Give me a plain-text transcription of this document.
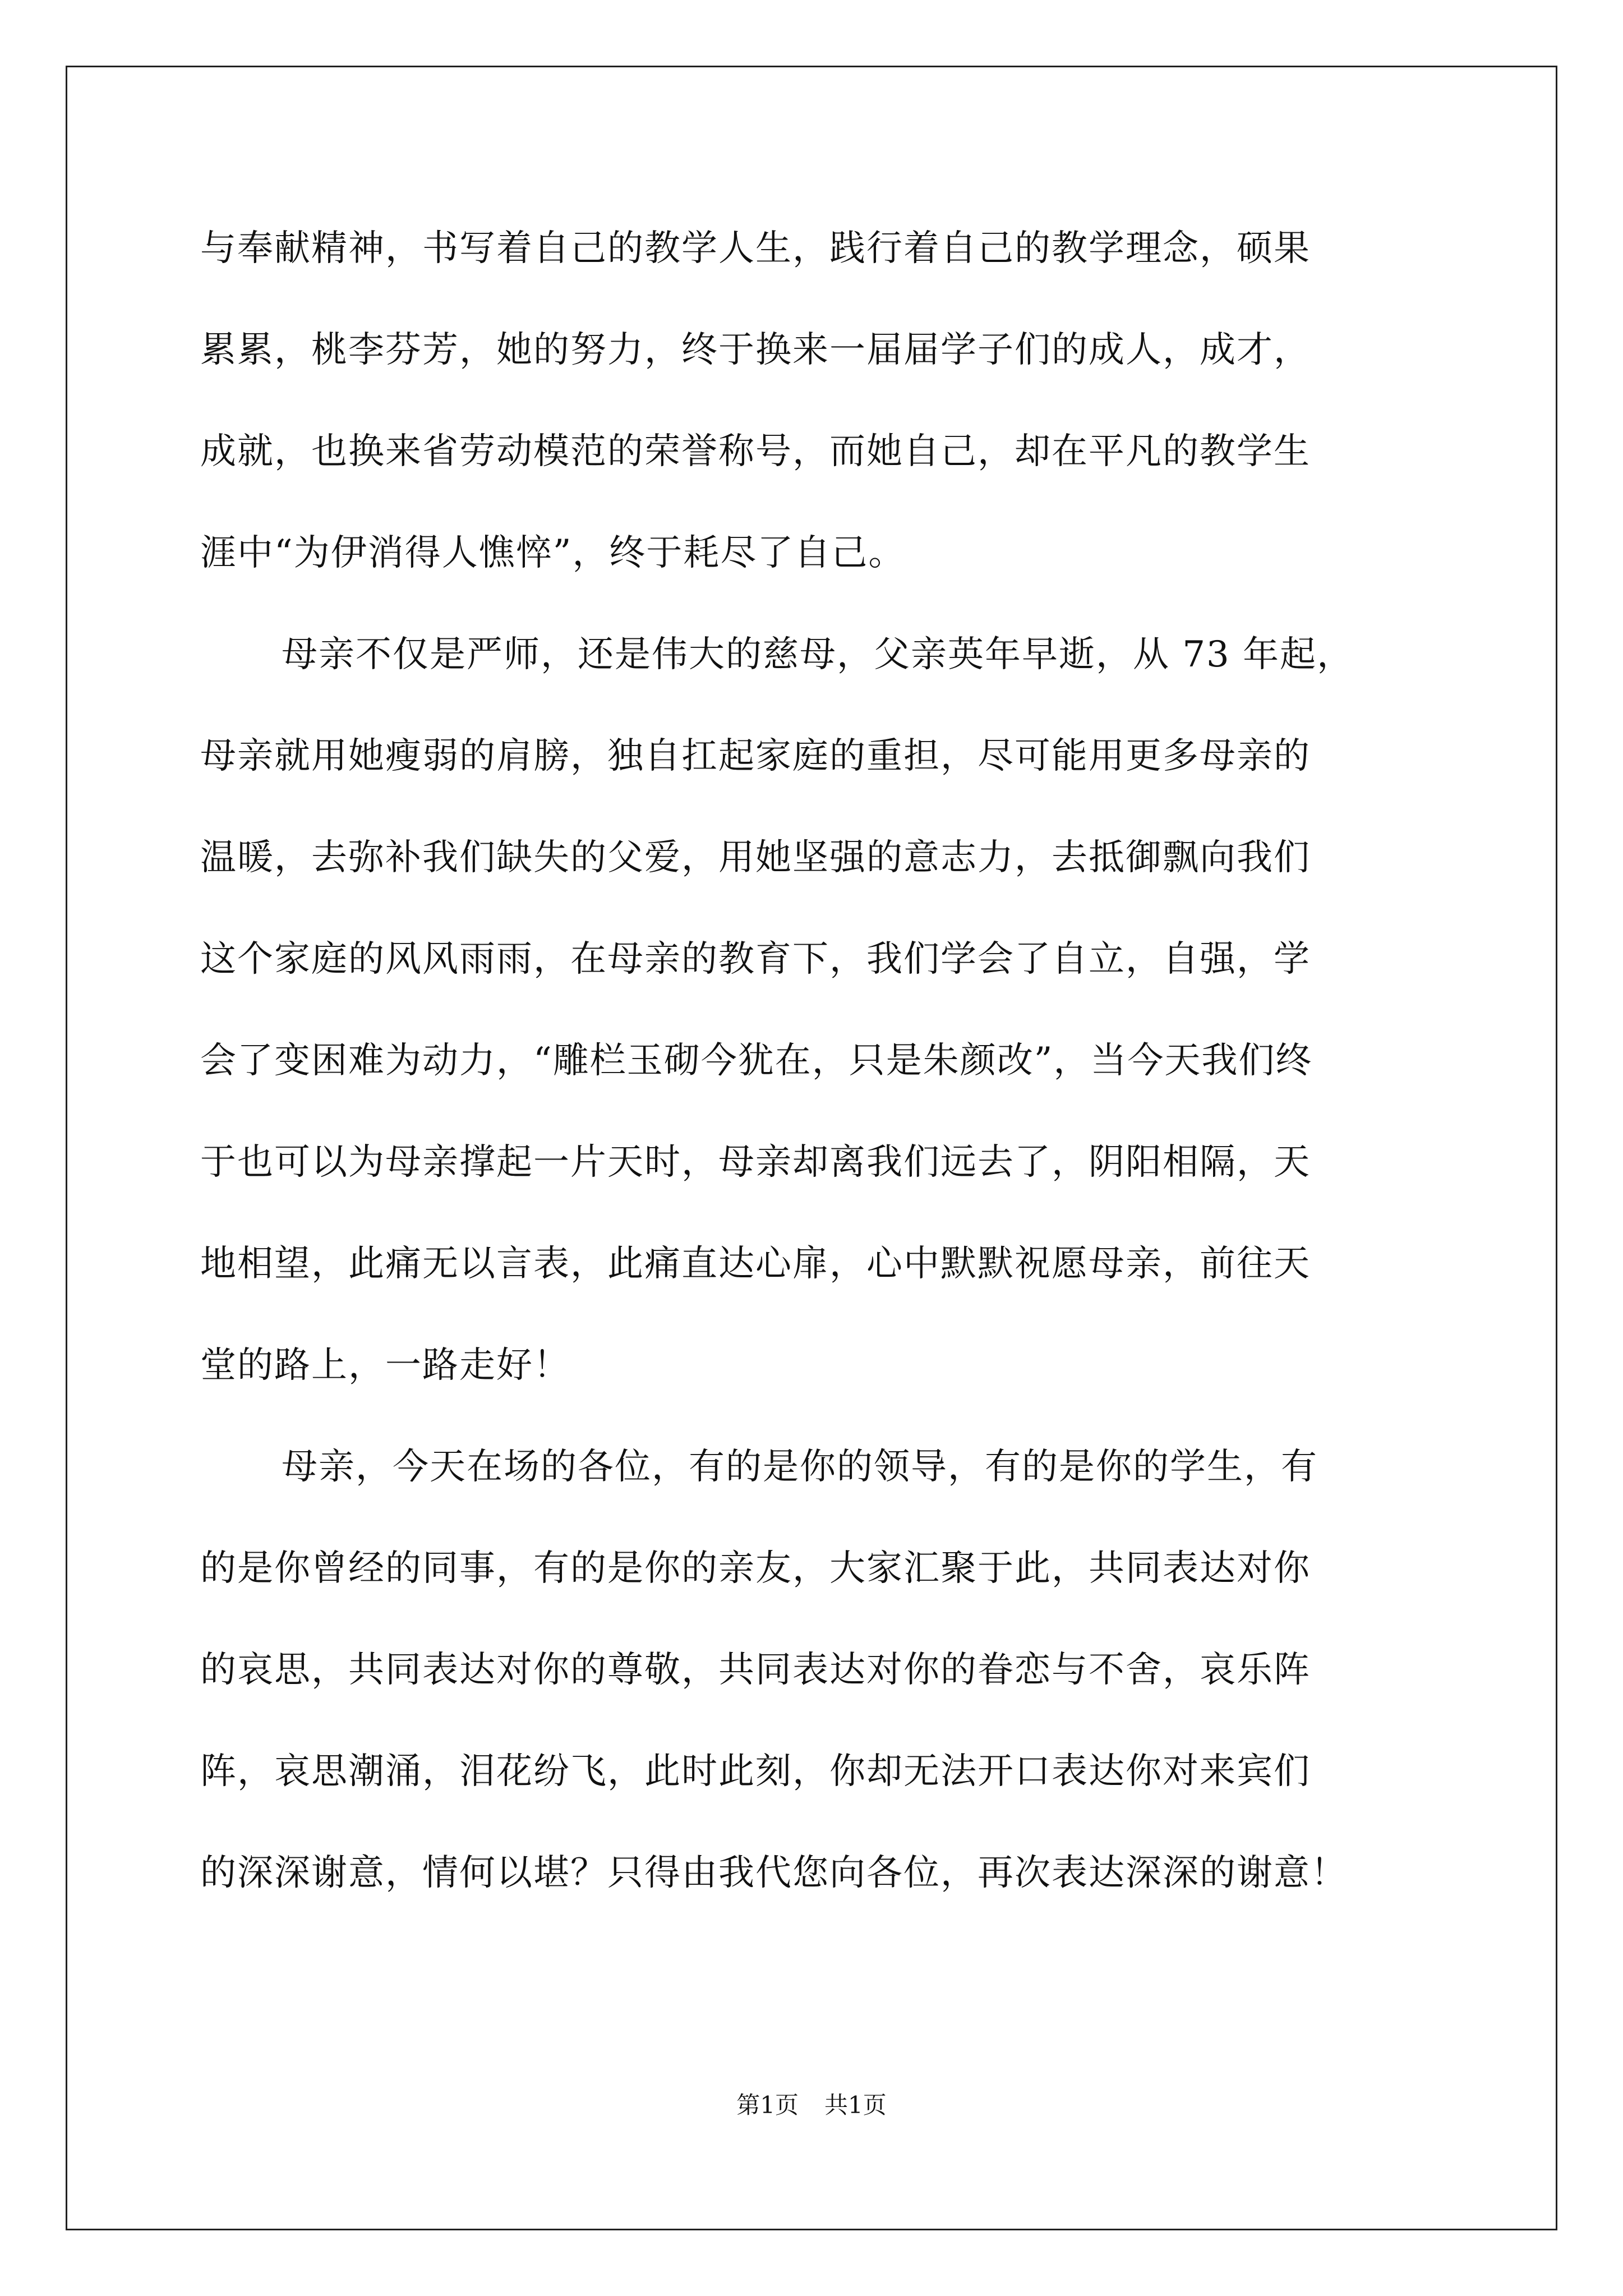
与奉献精神，书写着自己的教学人生，践行着自己的教学理念，硕果
累累，桃李芬芳，她的努力，终于换来一届届学子们的成人，成才，
成就，也换来省劳动模范的荣誉称号，而她自己，却在平凡的教学生
涯中“为伊消得人憔悴”，终于耗尽了自己。
母亲不仅是严师，还是伟大的慈母，父亲英年早逝，从 73 年起，
母亲就用她瘦弱的肩膀，独自扛起家庭的重担，尽可能用更多母亲的
温暖，去弥补我们缺失的父爱，用她坚强的意志力，去抵御飘向我们
这个家庭的风风雨雨，在母亲的教育下，我们学会了自立，自强，学
会了变困难为动力，“雕栏玉砌今犹在，只是朱颜改”，当今天我们终
于也可以为母亲撑起一片天时，母亲却离我们远去了，阴阳相隔，天
地相望，此痛无以言表，此痛直达心扉，心中默默祝愿母亲，前往天
堂的路上，一路走好！
母亲，今天在场的各位，有的是你的领导，有的是你的学生，有
的是你曾经的同事，有的是你的亲友，大家汇聚于此，共同表达对你
的哀思，共同表达对你的尊敬，共同表达对你的眷恋与不舍，哀乐阵
阵，哀思潮涌，泪花纷飞，此时此刻，你却无法开口表达你对来宾们
的深深谢意，情何以堪？只得由我代您向各位，再次表达深深的谢意！
第1页 共1页
